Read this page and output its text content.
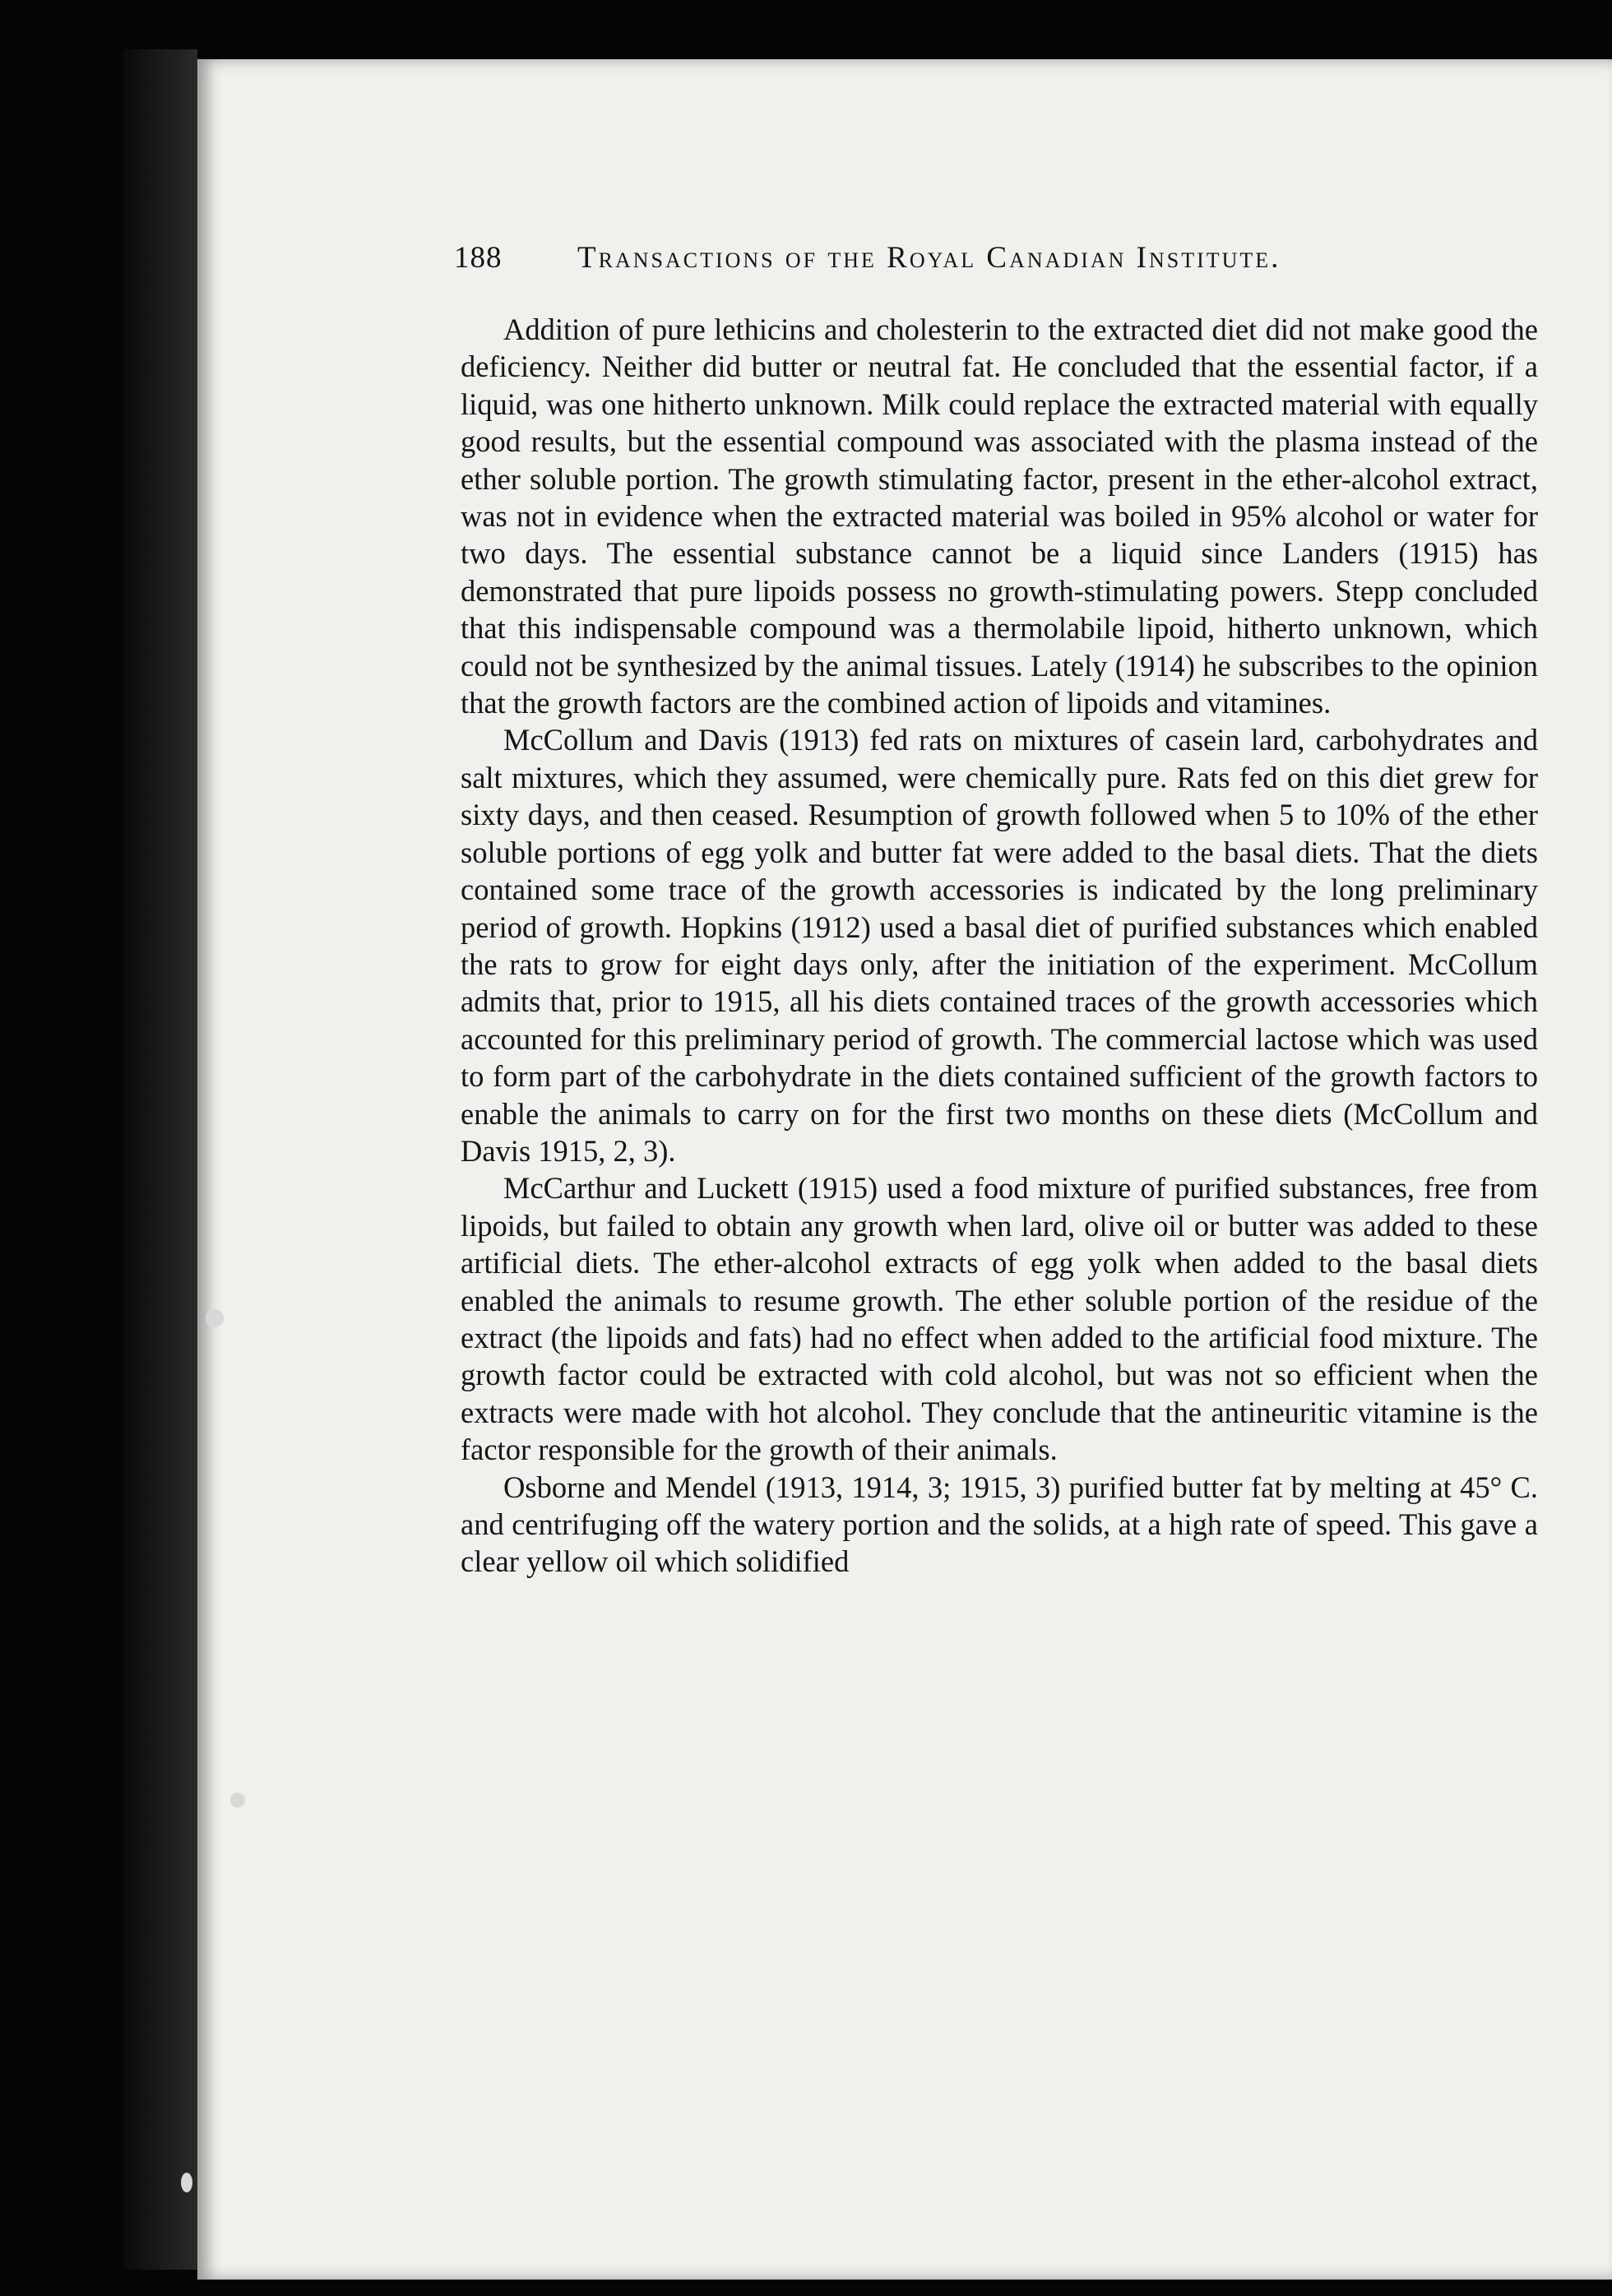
188 Transactions of the Royal Canadian Institute.

Addition of pure lethicins and cholesterin to the extracted diet did not make good the deficiency. Neither did butter or neutral fat. He concluded that the essential factor, if a liquid, was one hitherto unknown. Milk could replace the extracted material with equally good results, but the essential compound was associated with the plasma instead of the ether soluble portion. The growth stimulating factor, present in the ether-alcohol extract, was not in evidence when the extracted material was boiled in 95% alcohol or water for two days. The essential substance cannot be a liquid since Landers (1915) has demonstrated that pure lipoids possess no growth-stimulating powers. Stepp concluded that this indispensable compound was a thermolabile lipoid, hitherto unknown, which could not be synthesized by the animal tissues. Lately (1914) he subscribes to the opinion that the growth factors are the combined action of lipoids and vitamines.

McCollum and Davis (1913) fed rats on mixtures of casein lard, carbohydrates and salt mixtures, which they assumed, were chemically pure. Rats fed on this diet grew for sixty days, and then ceased. Resumption of growth followed when 5 to 10% of the ether soluble portions of egg yolk and butter fat were added to the basal diets. That the diets contained some trace of the growth accessories is indicated by the long preliminary period of growth. Hopkins (1912) used a basal diet of purified substances which enabled the rats to grow for eight days only, after the initiation of the experiment. McCollum admits that, prior to 1915, all his diets contained traces of the growth accessories which accounted for this preliminary period of growth. The commercial lactose which was used to form part of the carbohydrate in the diets contained sufficient of the growth factors to enable the animals to carry on for the first two months on these diets (McCollum and Davis 1915, 2, 3).

McCarthur and Luckett (1915) used a food mixture of purified substances, free from lipoids, but failed to obtain any growth when lard, olive oil or butter was added to these artificial diets. The ether-alcohol extracts of egg yolk when added to the basal diets enabled the animals to resume growth. The ether soluble portion of the residue of the extract (the lipoids and fats) had no effect when added to the artificial food mixture. The growth factor could be extracted with cold alcohol, but was not so efficient when the extracts were made with hot alcohol. They conclude that the antineuritic vitamine is the factor responsible for the growth of their animals.

Osborne and Mendel (1913, 1914, 3; 1915, 3) purified butter fat by melting at 45° C. and centrifuging off the watery portion and the solids, at a high rate of speed. This gave a clear yellow oil which solidified
